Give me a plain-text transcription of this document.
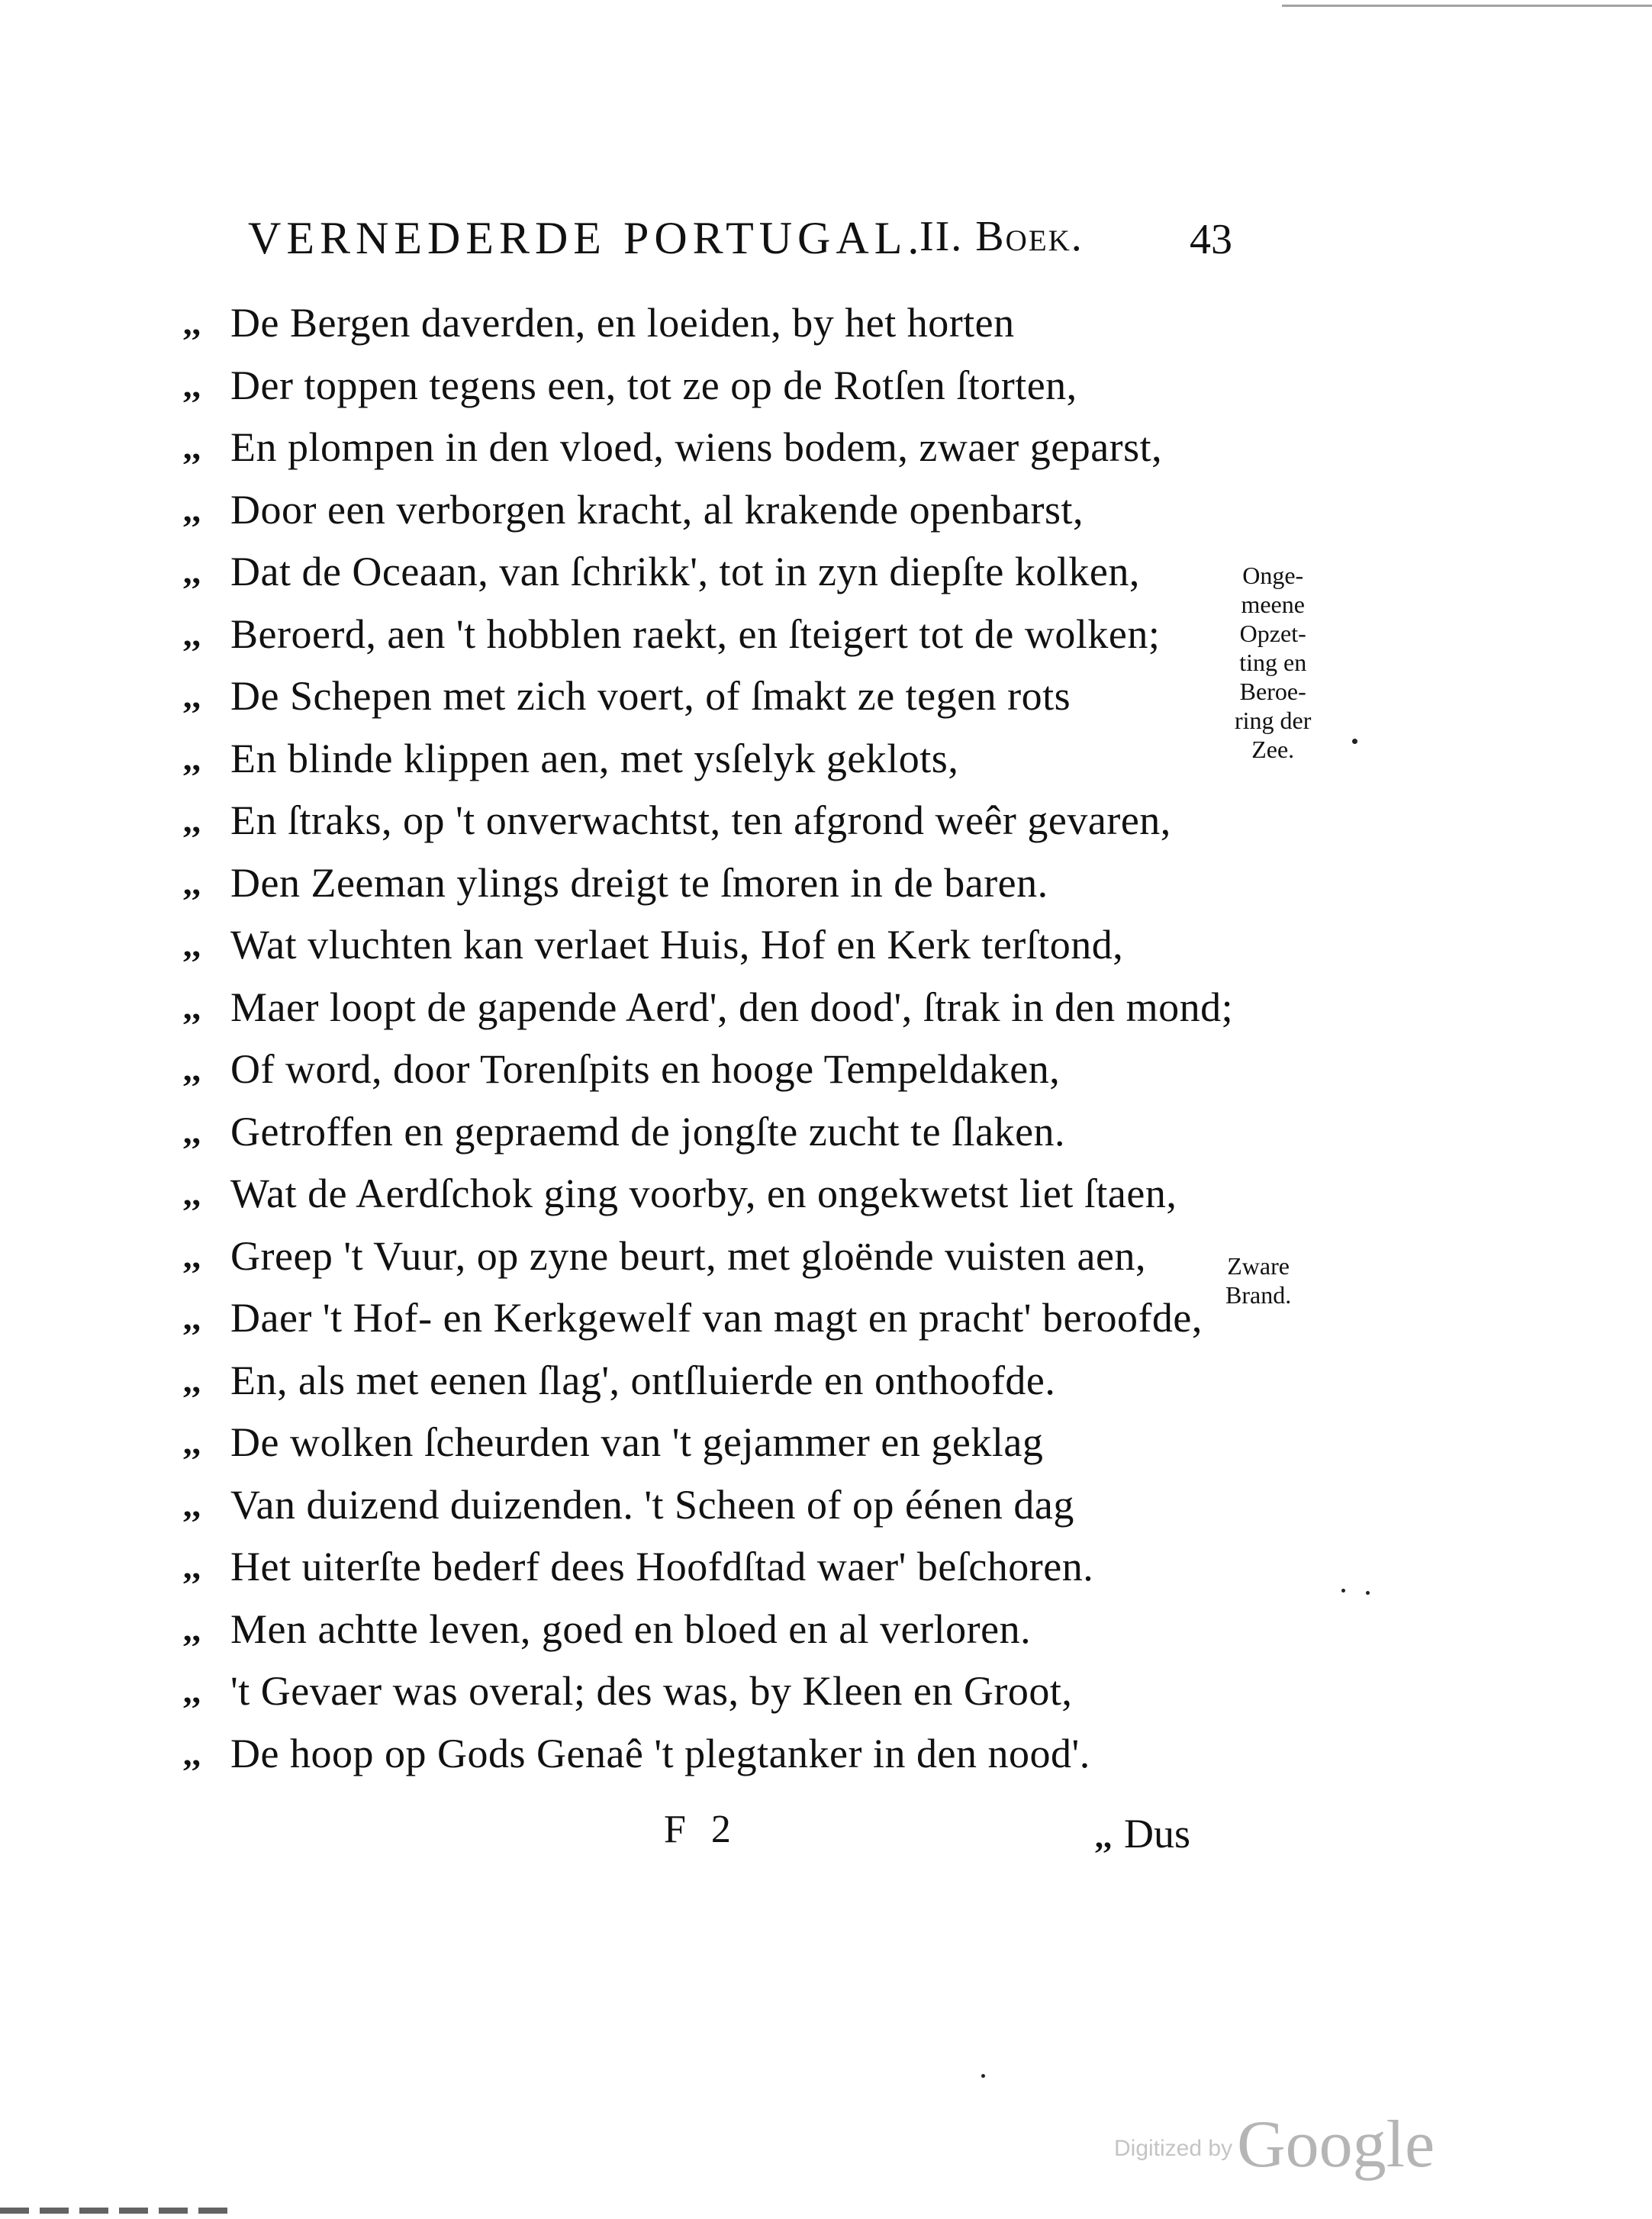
VERNEDERDE PORTUGAL.
II. Boek. 43
,, De Bergen daverden, en loeiden, by het horten
,, Der toppen tegens een, tot ze op de Rotſen ſtorten,
,, En plompen in den vloed, wiens bodem, zwaer geparst,
,, Door een verborgen kracht, al krakende openbarst,
,, Dat de Oceaan, van ſchrikk', tot in zyn diepſte kolken,
,, Beroerd, aen 't hobblen raekt, en ſteigert tot de wolken;
,, De Schepen met zich voert, of ſmakt ze tegen rots
,, En blinde klippen aen, met ysſelyk geklots,
,, En ſtraks, op 't onverwachtst, ten afgrond weêr gevaren,
,, Den Zeeman ylings dreigt te ſmoren in de baren.
,, Wat vluchten kan verlaet Huis, Hof en Kerk terſtond,
,, Maer loopt de gapende Aerd', den dood', ſtrak in den mond;
,, Of word, door Torenſpits en hooge Tempeldaken,
,, Getroffen en gepraemd de jongſte zucht te ſlaken.
,, Wat de Aerdſchok ging voorby, en ongekwetst liet ſtaen,
,, Greep 't Vuur, op zyne beurt, met gloënde vuisten aen,
,, Daer 't Hof- en Kerkgewelf van magt en pracht' beroofde,
,, En, als met eenen ſlag', ontſluierde en onthoofde.
,, De wolken ſcheurden van 't gejammer en geklag
,, Van duizend duizenden. 't Scheen of op éénen dag
,, Het uiterſte bederf dees Hoofdſtad waer' beſchoren.
,, Men achtte leven, goed en bloed en al verloren.
,, 't Gevaer was overal; des was, by Kleen en Groot,
,, De hoop op Gods Genaê 't plegtanker in den nood'.
Onge-
meene
Opzet-
ting en
Beroe-
ring der
Zee.
Zware
Brand.
F 2	,, Dus
Digitized byGoogle
